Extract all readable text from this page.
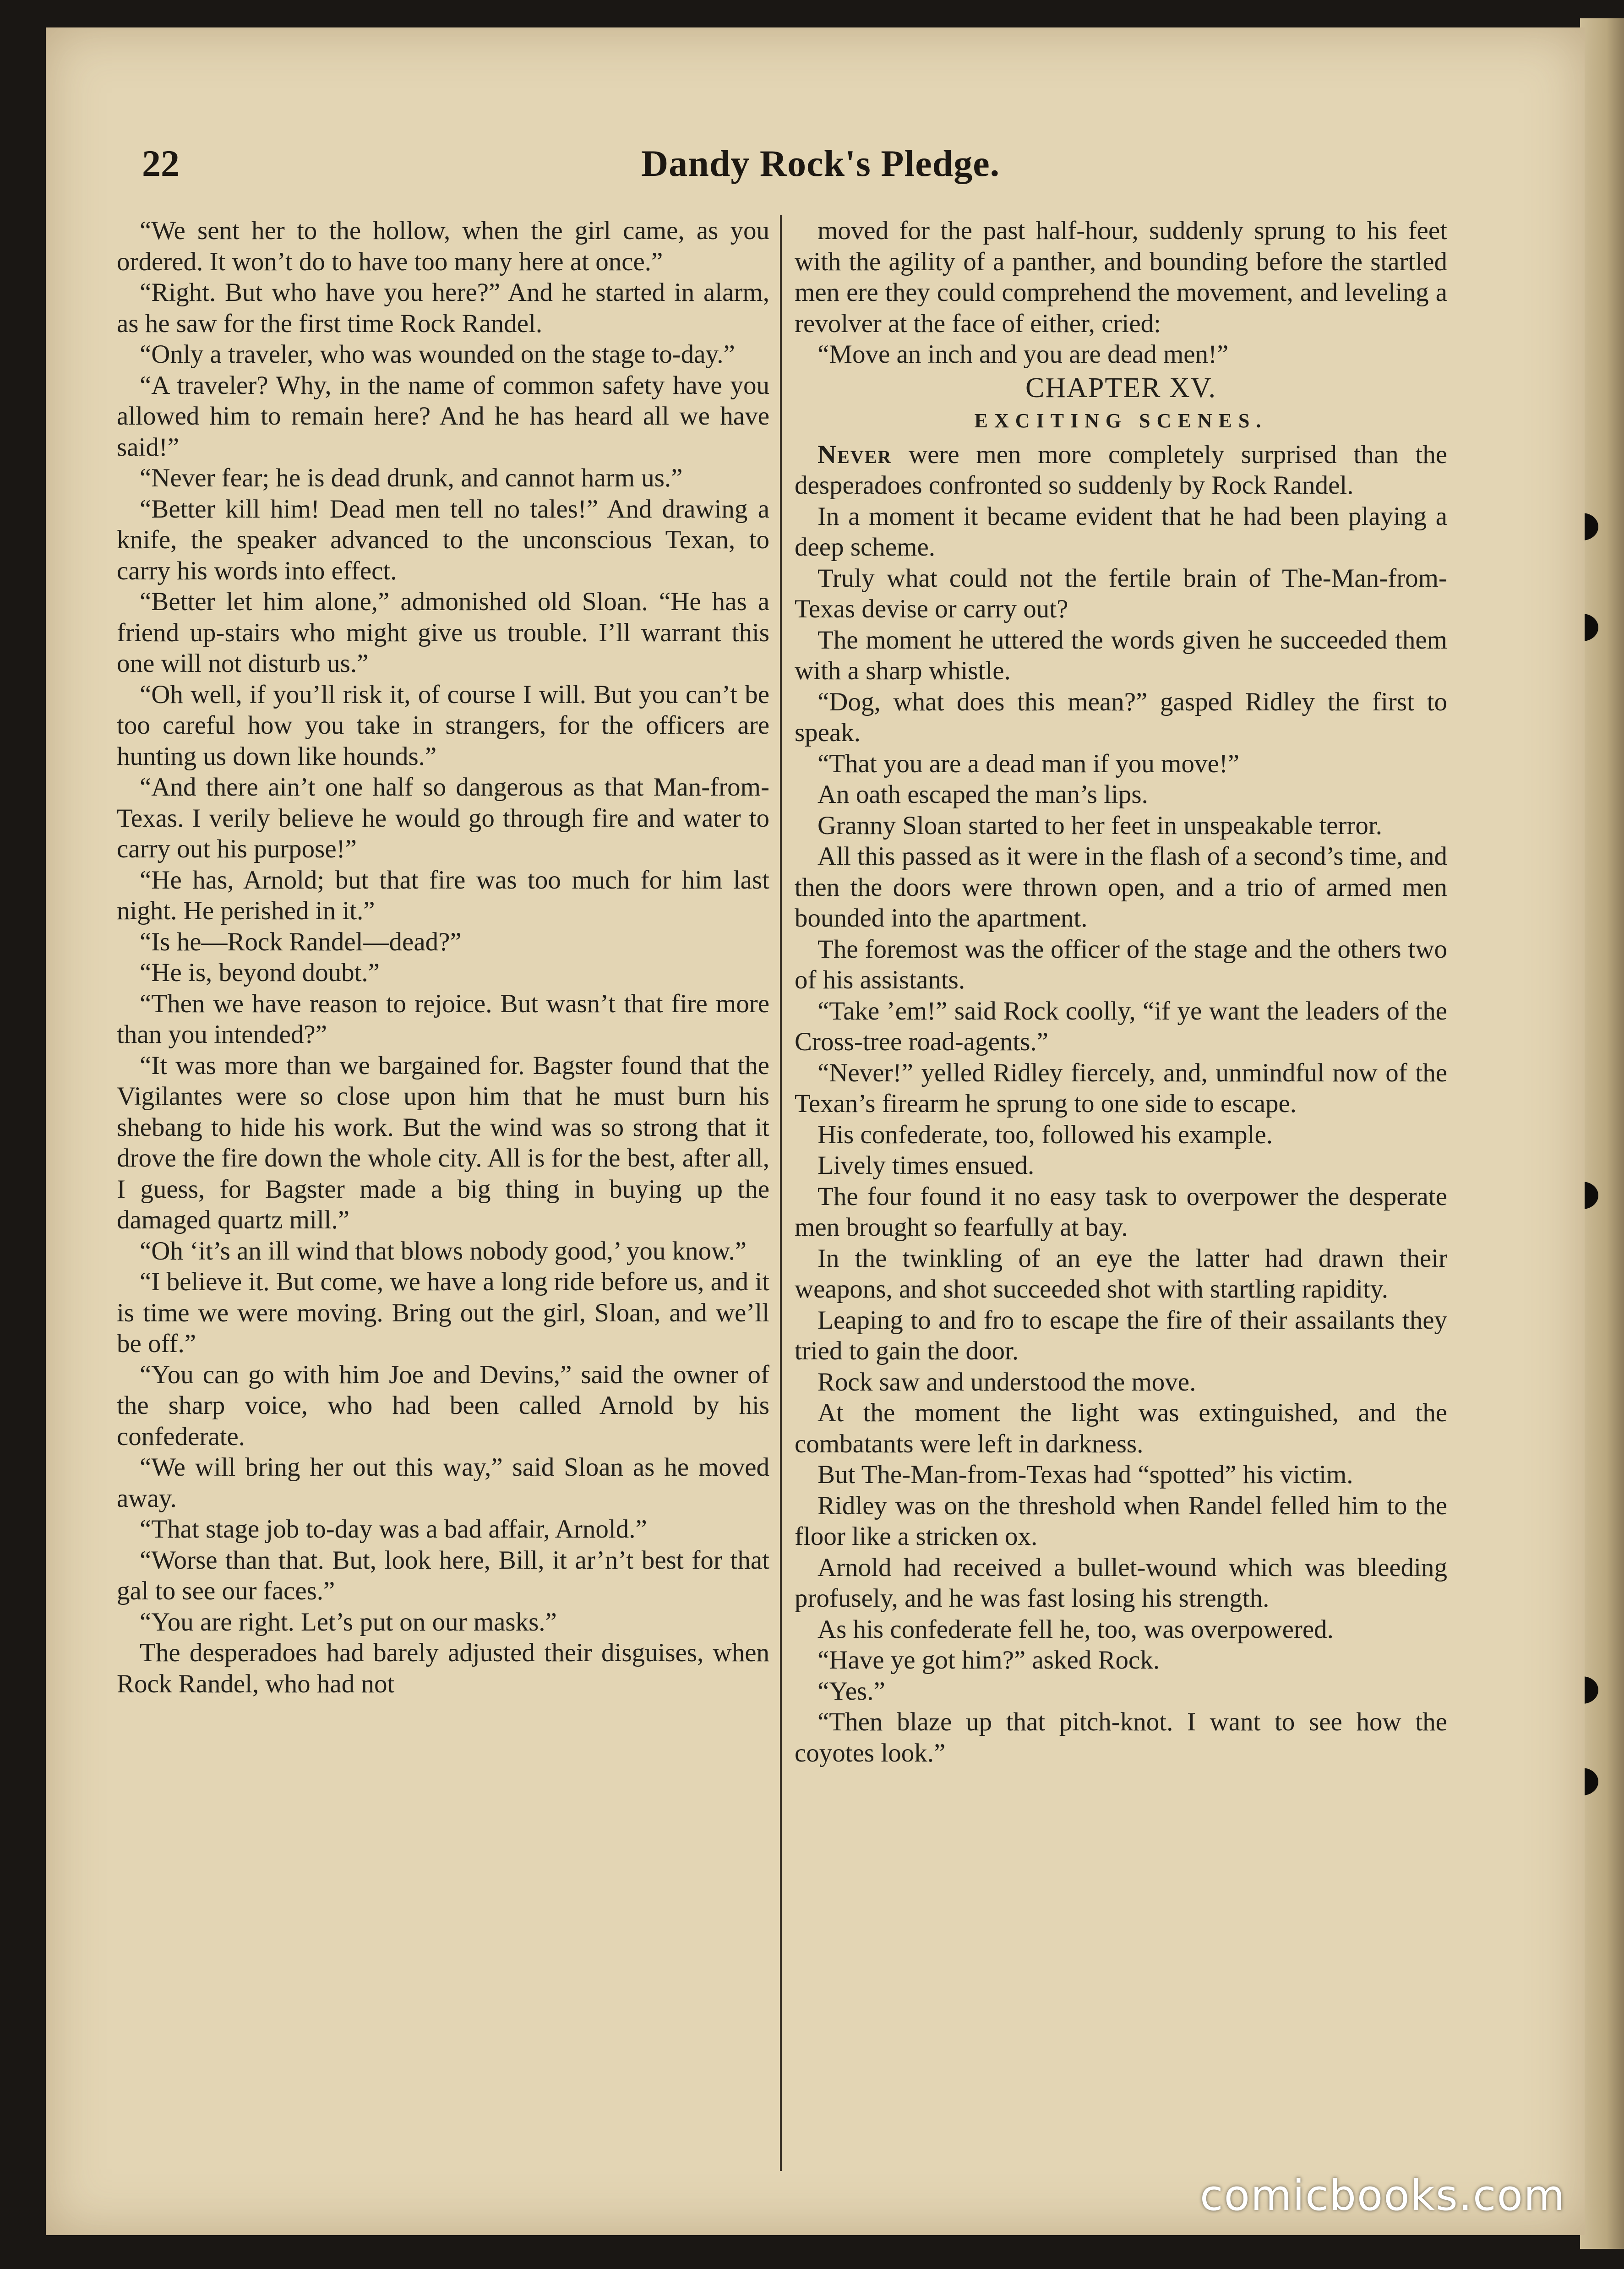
22	Dandy Rock's Pledge.

“We sent her to the hollow, when the girl came, as you ordered. It won’t do to have too many here at once.”

“Right. But who have you here?” And he started in alarm, as he saw for the first time Rock Randel.

“Only a traveler, who was wounded on the stage to-day.”

“A traveler? Why, in the name of common safety have you allowed him to remain here? And he has heard all we have said!”

“Never fear; he is dead drunk, and cannot harm us.”

“Better kill him! Dead men tell no tales!” And drawing a knife, the speaker advanced to the unconscious Texan, to carry his words into effect.

“Better let him alone,” admonished old Sloan. “He has a friend up-stairs who might give us trouble. I’ll warrant this one will not disturb us.”

“Oh well, if you’ll risk it, of course I will. But you can’t be too careful how you take in strangers, for the officers are hunting us down like hounds.”

“And there ain’t one half so dangerous as that Man-from-Texas. I verily believe he would go through fire and water to carry out his purpose!”

“He has, Arnold; but that fire was too much for him last night. He perished in it.”

“Is he—Rock Randel—dead?”

“He is, beyond doubt.”

“Then we have reason to rejoice. But wasn’t that fire more than you intended?”

“It was more than we bargained for. Bagster found that the Vigilantes were so close upon him that he must burn his shebang to hide his work. But the wind was so strong that it drove the fire down the whole city. All is for the best, after all, I guess, for Bagster made a big thing in buying up the damaged quartz mill.”

“Oh ‘it’s an ill wind that blows nobody good,’ you know.”

“I believe it. But come, we have a long ride before us, and it is time we were moving. Bring out the girl, Sloan, and we’ll be off.”

“You can go with him Joe and Devins,” said the owner of the sharp voice, who had been called Arnold by his confederate.

“We will bring her out this way,” said Sloan as he moved away.

“That stage job to-day was a bad affair, Arnold.”

“Worse than that. But, look here, Bill, it ar’n’t best for that gal to see our faces.”

“You are right. Let’s put on our masks.”

The desperadoes had barely adjusted their disguises, when Rock Randel, who had not

moved for the past half-hour, suddenly sprung to his feet with the agility of a panther, and bounding before the startled men ere they could comprehend the movement, and leveling a revolver at the face of either, cried:

“Move an inch and you are dead men!”

CHAPTER XV.
EXCITING SCENES.

Never were men more completely surprised than the desperadoes confronted so suddenly by Rock Randel.

In a moment it became evident that he had been playing a deep scheme.

Truly what could not the fertile brain of The-Man-from-Texas devise or carry out?

The moment he uttered the words given he succeeded them with a sharp whistle.

“Dog, what does this mean?” gasped Ridley the first to speak.

“That you are a dead man if you move!”

An oath escaped the man’s lips.

Granny Sloan started to her feet in unspeakable terror.

All this passed as it were in the flash of a second’s time, and then the doors were thrown open, and a trio of armed men bounded into the apartment.

The foremost was the officer of the stage and the others two of his assistants.

“Take ’em!” said Rock coolly, “if ye want the leaders of the Cross-tree road-agents.”

“Never!” yelled Ridley fiercely, and, unmindful now of the Texan’s firearm he sprung to one side to escape.

His confederate, too, followed his example.

Lively times ensued.

The four found it no easy task to overpower the desperate men brought so fearfully at bay.

In the twinkling of an eye the latter had drawn their weapons, and shot succeeded shot with startling rapidity.

Leaping to and fro to escape the fire of their assailants they tried to gain the door.

Rock saw and understood the move.

At the moment the light was extinguished, and the combatants were left in darkness.

But The-Man-from-Texas had “spotted” his victim.

Ridley was on the threshold when Randel felled him to the floor like a stricken ox.

Arnold had received a bullet-wound which was bleeding profusely, and he was fast losing his strength.

As his confederate fell he, too, was overpowered.

“Have ye got him?” asked Rock.

“Yes.”

“Then blaze up that pitch-knot. I want to see how the coyotes look.”

comicbooks.com
